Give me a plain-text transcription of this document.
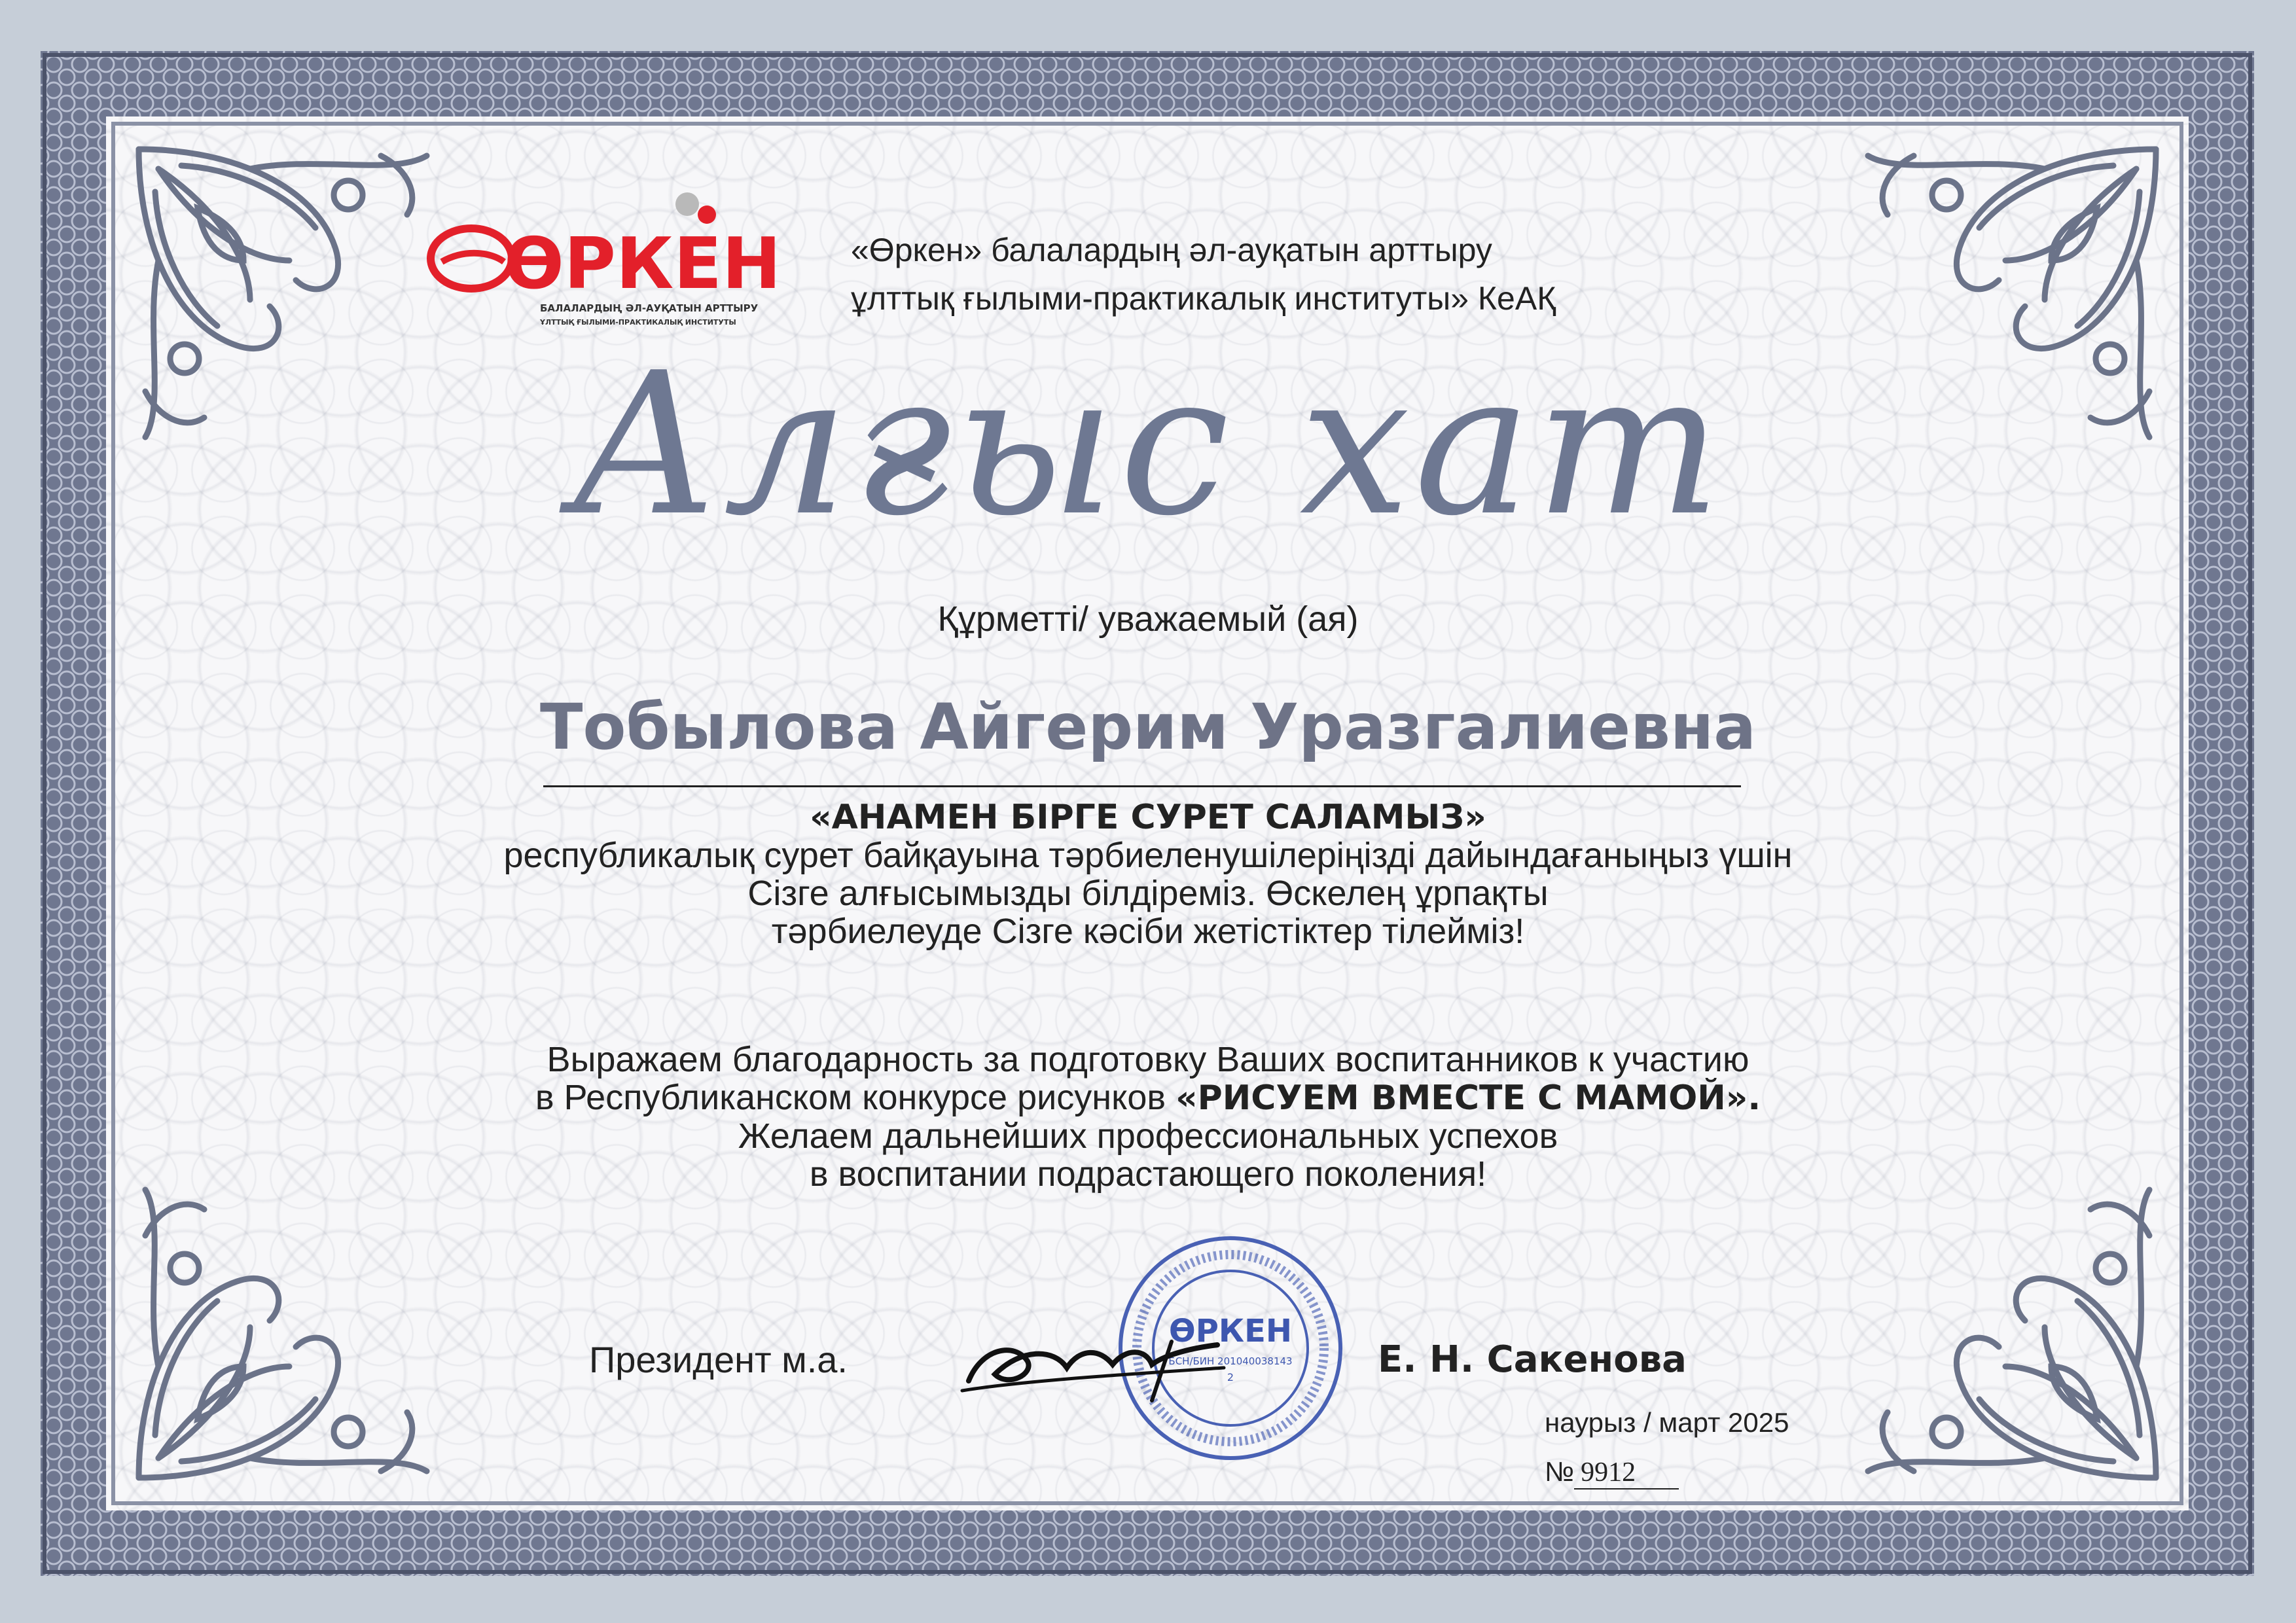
ӨРКЕН
БАЛАЛАРДЫҢ ӘЛ-АУҚАТЫН АРТТЫРУ
ҰЛТТЫҚ ҒЫЛЫМИ-ПРАКТИКАЛЫҚ ИНСТИТУТЫ
«Өркен» балалардың әл-ауқатын арттыру
ұлттық ғылыми-практикалық институты» КеАҚ
Алғыс хат
Құрметті/ уважаемый (ая)
Тобылова Айгерим Уразгалиевна
«АНАМЕН БІРГЕ СУРЕТ САЛАМЫЗ»
республикалық сурет байқауына тәрбиеленушілеріңізді дайындағаныңыз үшін
Сізге алғысымызды білдіреміз. Өскелең ұрпақты
тәрбиелеуде Сізге кәсіби жетістіктер тілейміз!
Выражаем благодарность за подготовку Ваших воспитанников к участию
в Республиканском конкурсе рисунков «РИСУЕМ ВМЕСТЕ С МАМОЙ».
Желаем дальнейших профессиональных успехов
в воспитании подрастающего поколения!
Президент м.а.
ӨРКЕН
БСН/БИН 201040038143
2	Е. Н. Сакенова
наурыз / март 2025
№ 9912
